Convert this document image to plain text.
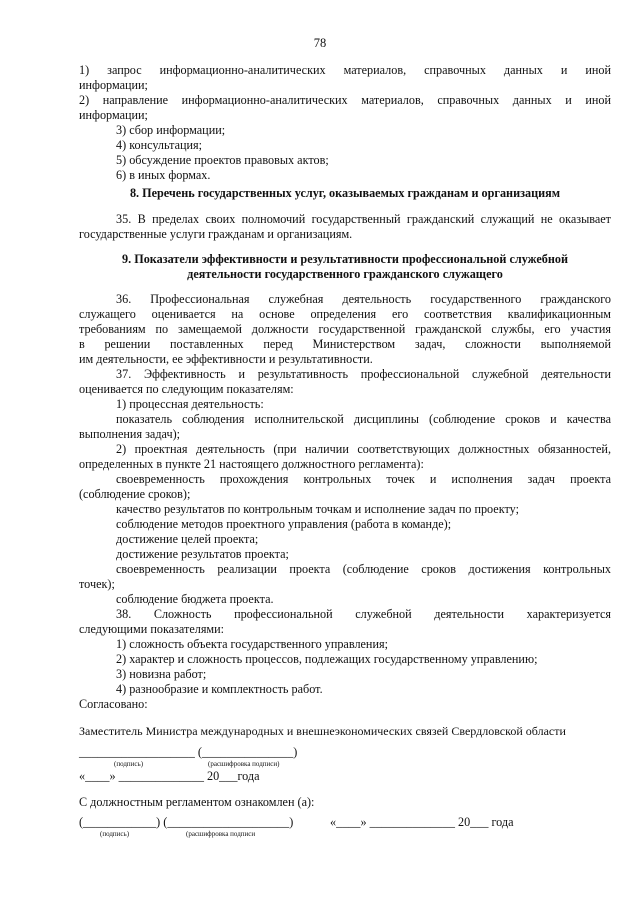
78
1) запрос информационно-аналитических материалов, справочных данных и иной
информации;
2) направление информационно-аналитических материалов, справочных данных и иной
информации;
3) сбор информации;
4) консультация;
5) обсуждение проектов правовых актов;
6) в иных формах.
8. Перечень государственных услуг, оказываемых гражданам и организациям
35. В пределах своих полномочий государственный гражданский служащий не оказывает
государственные услуги гражданам и организациям.
9. Показатели эффективности и результативности профессиональной служебной
деятельности государственного гражданского служащего
36. Профессиональная служебная деятельность государственного гражданского
служащего оценивается на основе определения его соответствия квалификационным
требованиям по замещаемой должности государственной гражданской службы, его участия
в решении поставленных перед Министерством задач, сложности выполняемой
им деятельности, ее эффективности и результативности.
37. Эффективность и результативность профессиональной служебной деятельности
оценивается по следующим показателям:
1) процессная деятельность:
показатель соблюдения исполнительской дисциплины (соблюдение сроков и качества
выполнения задач);
2) проектная деятельность (при наличии соответствующих должностных обязанностей,
определенных в пункте 21 настоящего должностного регламента):
своевременность прохождения контрольных точек и исполнения задач проекта
(соблюдение сроков);
качество результатов по контрольным точкам и исполнение задач по проекту;
соблюдение методов проектного управления (работа в команде);
достижение целей проекта;
достижение результатов проекта;
своевременность реализации проекта (соблюдение сроков достижения контрольных
точек);
соблюдение бюджета проекта.
38. Сложность профессиональной служебной деятельности характеризуется
следующими показателями:
1) сложность объекта государственного управления;
2) характер и сложность процессов, подлежащих государственному управлению;
3) новизна работ;
4) разнообразие и комплектность работ.
Согласовано:
Заместитель Министра международных и внешнеэкономических связей Свердловской области
___________________ (_______________)
(подпись)	(расшифровка подписи)
«____» ______________ 20___года
С должностным регламентом ознакомлен (а):
(____________) (____________________)	«____» ______________ 20___ года
(подпись)	(расшифровка подписи
